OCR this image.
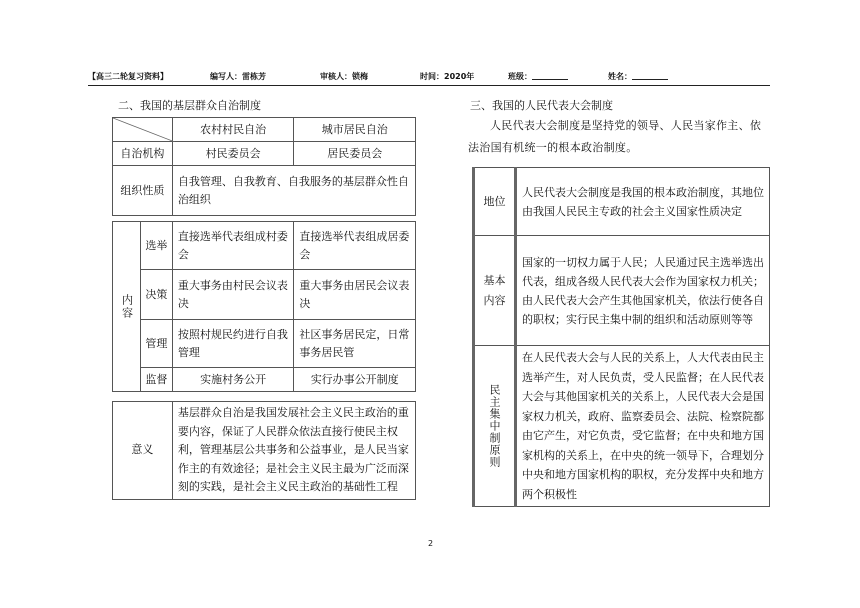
【高三二轮复习资料】	编写人：雷栋芳	审核人：锁梅	时间：2020年	班级：	姓名：
二、我国的基层群众自治制度
	农村村民自治	城市居民自治
自治机构	村民委员会	居民委员会
组织性质	自我管理、自我教育、自我服务的基层群众性自治组织	
内容	选举	直接选举代表组成村委会	直接选举代表组成居委会
	决策	重大事务由村民会议表决	重大事务由居民会议表决
	管理	按照村规民约进行自我管理	社区事务居民定，日常事务居民管
	监督	实施村务公开	实行办事公开制度
意义	基层群众自治是我国发展社会主义民主政治的重要内容，保证了人民群众依法直接行使民主权利，管理基层公共事务和公益事业，是人民当家作主的有效途径；是社会主义民主最为广泛而深刻的实践，是社会主义民主政治的基础性工程
三、我国的人民代表大会制度
人民代表大会制度是坚持党的领导、人民当家作主、依法治国有机统一的根本政治制度。
地位	人民代表大会制度是我国的根本政治制度，其地位由我国人民民主专政的社会主义国家性质决定

基本内容	国家的一切权力属于人民；人民通过民主选举选出代表，组成各级人民代表大会作为国家权力机关；由人民代表大会产生其他国家机关，依法行使各自的职权；实行民主集中制的组织和活动原则等等

民主集中制原则	在人民代表大会与人民的关系上，人大代表由民主选举产生，对人民负责，受人民监督；在人民代表大会与其他国家机关的关系上，人民代表大会是国家权力机关，政府、监察委员会、法院、检察院都由它产生，对它负责，受它监督；在中央和地方国家机构的关系上，在中央的统一领导下，合理划分中央和地方国家机构的职权，充分发挥中央和地方两个积极性
2
